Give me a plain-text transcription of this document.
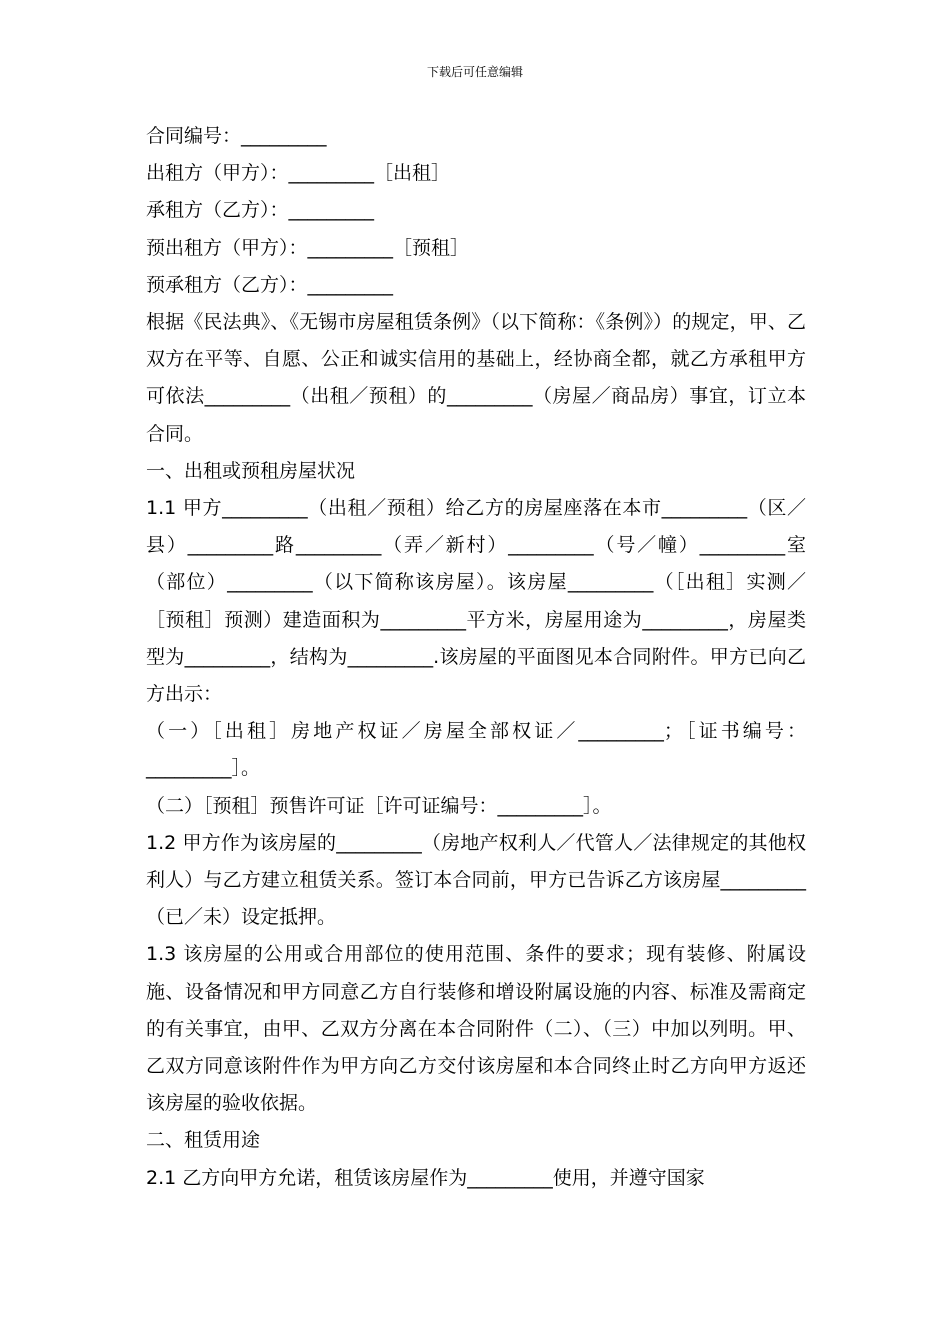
下载后可任意编辑

合同编号：_________

出租方（甲方）：_________［出租］

承租方（乙方）：_________

预出租方（甲方）：_________［预租］

预承租方（乙方）：_________

根据《民法典》、《无锡市房屋租赁条例》（以下简称：《条例》）的规定，甲、乙双方在平等、自愿、公正和诚实信用的基础上，经协商全都，就乙方承租甲方可依法_________（出租／预租）的_________（房屋／商品房）事宜，订立本合同。

一、出租或预租房屋状况

1.1 甲方_________（出租／预租）给乙方的房屋座落在本市_________（区／县）_________路_________（弄／新村）_________（号／幢）_________室（部位）_________（以下简称该房屋）。该房屋_________（［出租］实测／［预租］预测）建造面积为_________平方米，房屋用途为_________，房屋类型为_________，结构为_________.该房屋的平面图见本合同附件。甲方已向乙方出示：

（一）［出租］房地产权证／房屋全部权证／_________；［证书编号：_________］。

（二）［预租］预售许可证［许可证编号：_________］。

1.2 甲方作为该房屋的_________（房地产权利人／代管人／法律规定的其他权利人）与乙方建立租赁关系。签订本合同前，甲方已告诉乙方该房屋_________（已／未）设定抵押。

1.3 该房屋的公用或合用部位的使用范围、条件的要求；现有装修、附属设施、设备情况和甲方同意乙方自行装修和增设附属设施的内容、标准及需商定的有关事宜，由甲、乙双方分离在本合同附件（二）、（三）中加以列明。甲、乙双方同意该附件作为甲方向乙方交付该房屋和本合同终止时乙方向甲方返还该房屋的验收依据。

二、租赁用途

2.1 乙方向甲方允诺，租赁该房屋作为_________使用，并遵守国家
